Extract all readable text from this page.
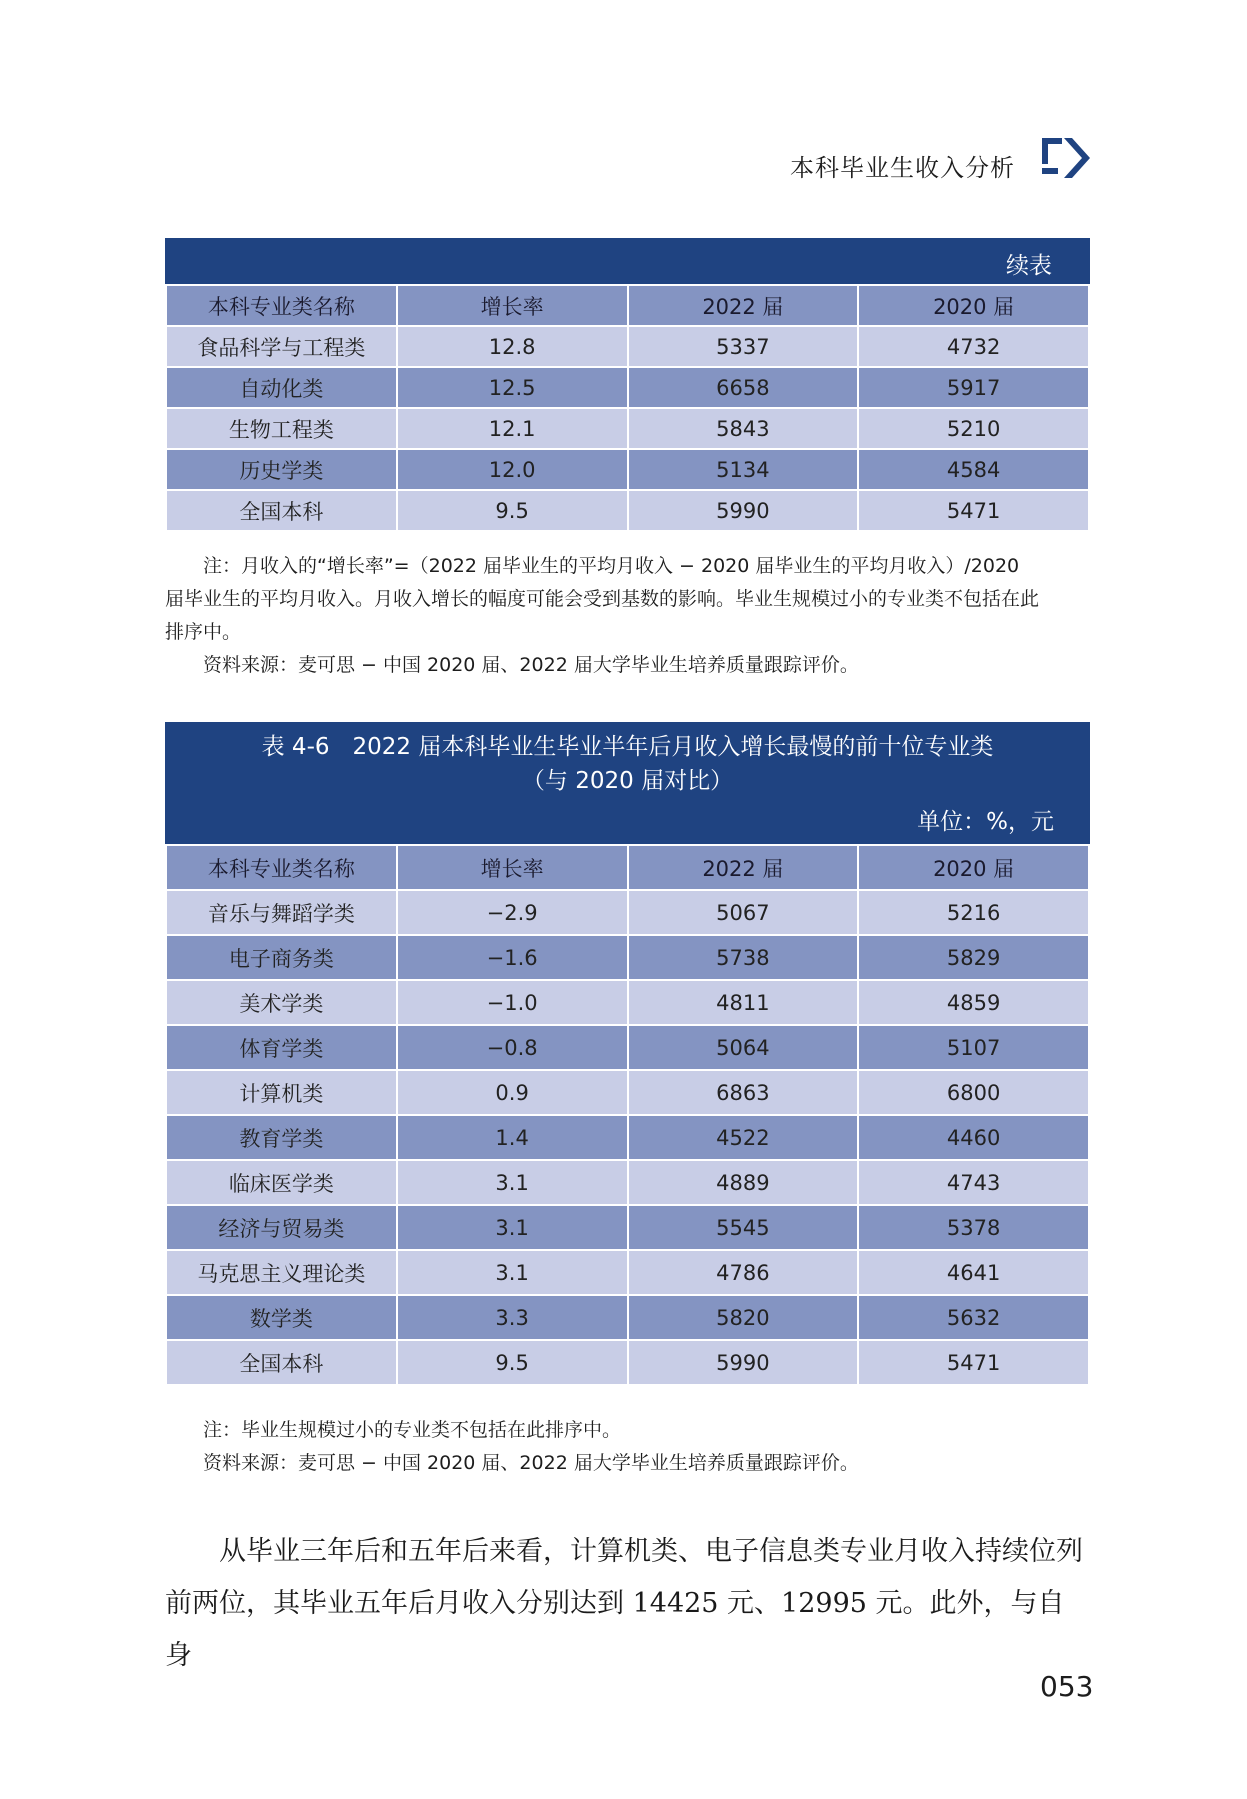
本科毕业生收入分析
续表
本科专业类名称	增长率	2022 届	2020 届
食品科学与工程类	12.8	5337	4732
自动化类	12.5	6658	5917
生物工程类	12.1	5843	5210
历史学类	12.0	5134	4584
全国本科	9.5	5990	5471
注：月收入的“增长率”=（2022 届毕业生的平均月收入 − 2020 届毕业生的平均月收入）/2020
届毕业生的平均月收入。月收入增长的幅度可能会受到基数的影响。毕业生规模过小的专业类不包括在此
排序中。
资料来源：麦可思 − 中国 2020 届、2022 届大学毕业生培养质量跟踪评价。
表 4-6　2022 届本科毕业生毕业半年后月收入增长最慢的前十位专业类
（与 2020 届对比）
单位：%，元
本科专业类名称	增长率	2022 届	2020 届
音乐与舞蹈学类	−2.9	5067	5216
电子商务类	−1.6	5738	5829
美术学类	−1.0	4811	4859
体育学类	−0.8	5064	5107
计算机类	0.9	6863	6800
教育学类	1.4	4522	4460
临床医学类	3.1	4889	4743
经济与贸易类	3.1	5545	5378
马克思主义理论类	3.1	4786	4641
数学类	3.3	5820	5632
全国本科	9.5	5990	5471
注：毕业生规模过小的专业类不包括在此排序中。
资料来源：麦可思 − 中国 2020 届、2022 届大学毕业生培养质量跟踪评价。

从毕业三年后和五年后来看，计算机类、电子信息类专业月收入持续位列前两位，其毕业五年后月收入分别达到 14425 元、12995 元。此外，与自身

053
